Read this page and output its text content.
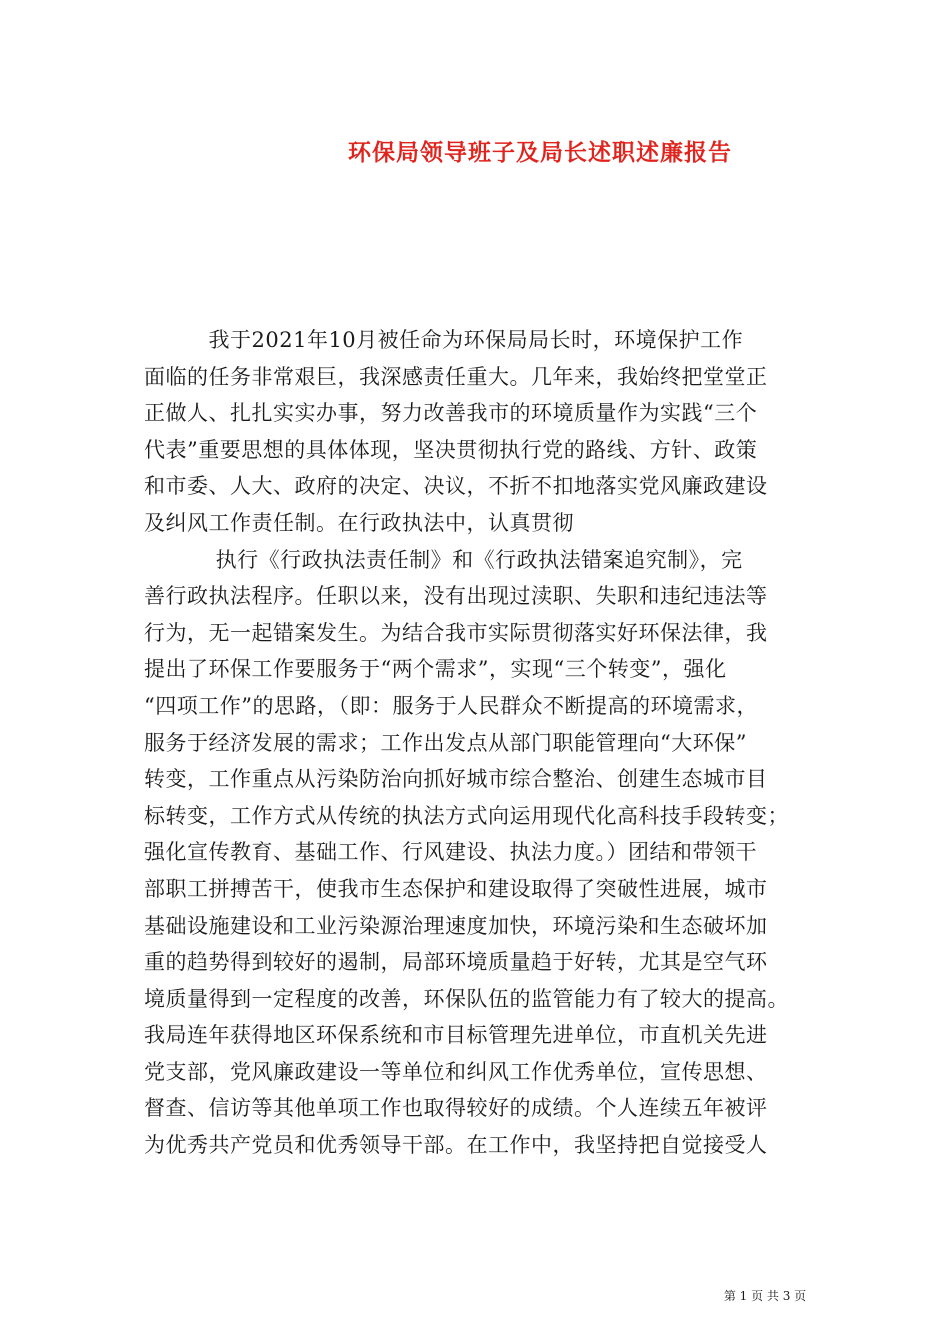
环保局领导班子及局长述职述廉报告
　　　我于2021年10月被任命为环保局局长时，环境保护工作
面临的任务非常艰巨，我深感责任重大。几年来，我始终把堂堂正
正做人、扎扎实实办事，努力改善我市的环境质量作为实践“三个
代表”重要思想的具体体现，坚决贯彻执行党的路线、方针、政策
和市委、人大、政府的决定、决议，不折不扣地落实党风廉政建设
及纠风工作责任制。在行政执法中，认真贯彻
　　　 执行《行政执法责任制》和《行政执法错案追究制》，完
善行政执法程序。任职以来，没有出现过渎职、失职和违纪违法等
行为，无一起错案发生。为结合我市实际贯彻落实好环保法律，我
提出了环保工作要服务于“两个需求”，实现“三个转变”，强化
“四项工作”的思路，（即：服务于人民群众不断提高的环境需求，
服务于经济发展的需求；工作出发点从部门职能管理向“大环保”
转变，工作重点从污染防治向抓好城市综合整治、创建生态城市目
标转变，工作方式从传统的执法方式向运用现代化高科技手段转变；
强化宣传教育、基础工作、行风建设、执法力度。）团结和带领干
部职工拼搏苦干，使我市生态保护和建设取得了突破性进展，城市
基础设施建设和工业污染源治理速度加快，环境污染和生态破坏加
重的趋势得到较好的遏制，局部环境质量趋于好转，尤其是空气环
境质量得到一定程度的改善，环保队伍的监管能力有了较大的提高。
我局连年获得地区环保系统和市目标管理先进单位，市直机关先进
党支部，党风廉政建设一等单位和纠风工作优秀单位，宣传思想、
督查、信访等其他单项工作也取得较好的成绩。个人连续五年被评
为优秀共产党员和优秀领导干部。在工作中，我坚持把自觉接受人
第 1 页 共 3 页
